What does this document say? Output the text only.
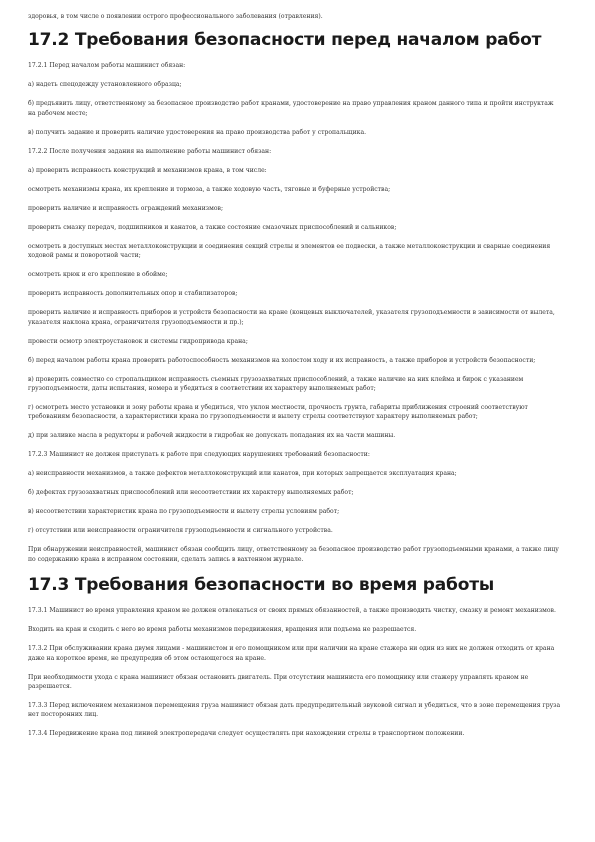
здоровья, в том числе о появлении острого профессионального заболевания (отравления).

17.2 Требования безопасности перед началом работ

17.2.1 Перед началом работы машинист обязан:

а) надеть спецодежду установленного образца;

б) предъявить лицу, ответственному за безопасное производство работ кранами, удостоверение на право управления краном данного типа и пройти инструктаж на рабочем месте;

в) получить задание и проверить наличие удостоверения на право производства работ у стропальщика.

17.2.2 После получения задания на выполнение работы машинист обязан:

а) проверить исправность конструкций и механизмов крана, в том числе:

осмотреть механизмы крана, их крепление и тормоза, а также ходовую часть, тяговые и буферные устройства;

проверить наличие и исправность ограждений механизмов;

проверить смазку передач, подшипников и канатов, а также состояние смазочных приспособлений и сальников;

осмотреть в доступных местах металлоконструкции и соединения секций стрелы и элементов ее подвески, а также металлоконструкции и сварные соединения ходовой рамы и поворотной части;

осмотреть крюк и его крепление в обойме;

проверить исправность дополнительных опор и стабилизаторов;

проверить наличие и исправность приборов и устройств безопасности на кране (концевых выключателей, указателя грузоподъемности в зависимости от вылета, указателя наклона крана, ограничителя грузоподъемности и пр.);

провести осмотр электроустановок и системы гидропривода крана;

б) перед началом работы крана проверить работоспособность механизмов на холостом ходу и их исправность, а также приборов и устройств безопасности;

в) проверить совместно со стропальщиком исправность съемных грузозахватных приспособлений, а также наличие на них клейма и бирок с указанием грузоподъемности, даты испытания, номера и убедиться в соответствии их характеру выполняемых работ;

г) осмотреть место установки и зону работы крана и убедиться, что уклон местности, прочность грунта, габариты приближения строений соответствуют требованиям безопасности, а характеристики крана по грузоподъемности и вылету стрелы соответствуют характеру выполняемых работ;

д) при заливке масла в редукторы и рабочей жидкости в гидробак не допускать попадания их на части машины.

17.2.3 Машинист не должен приступать к работе при следующих нарушениях требований безопасности:

а) неисправности механизмов, а также дефектов металлоконструкций или канатов, при которых запрещается эксплуатация крана;

б) дефектах грузозахватных приспособлений или несоответствии их характеру выполняемых работ;

в) несоответствии характеристик крана по грузоподъемности и вылету стрелы условиям работ;

г) отсутствии или неисправности ограничителя грузоподъемности и сигнального устройства.

При обнаружении неисправностей, машинист обязан сообщить лицу, ответственному за безопасное производство работ грузоподъемными кранами, а также лицу по содержанию крана в исправном состоянии, сделать запись в вахтенном журнале.

17.3 Требования безопасности во время работы

17.3.1 Машинист во время управления краном не должен отвлекаться от своих прямых обязанностей, а также производить чистку, смазку и ремонт механизмов.

Входить на кран и сходить с него во время работы механизмов передвижения, вращения или подъема не разрешается.

17.3.2 При обслуживании крана двумя лицами - машинистом и его помощником или при наличии на кране стажера ни один из них не должен отходить от крана даже на короткое время, не предупредив об этом остающегося на кране.

При необходимости ухода с крана машинист обязан остановить двигатель. При отсутствии машиниста его помощнику или стажеру управлять краном не разрешается.

17.3.3 Перед включением механизмов перемещения груза машинист обязан дать предупредительный звуковой сигнал и убедиться, что в зоне перемещения груза нет посторонних лиц.

17.3.4 Передвижение крана под линией электропередачи следует осуществлять при нахождении стрелы в транспортном положении.
